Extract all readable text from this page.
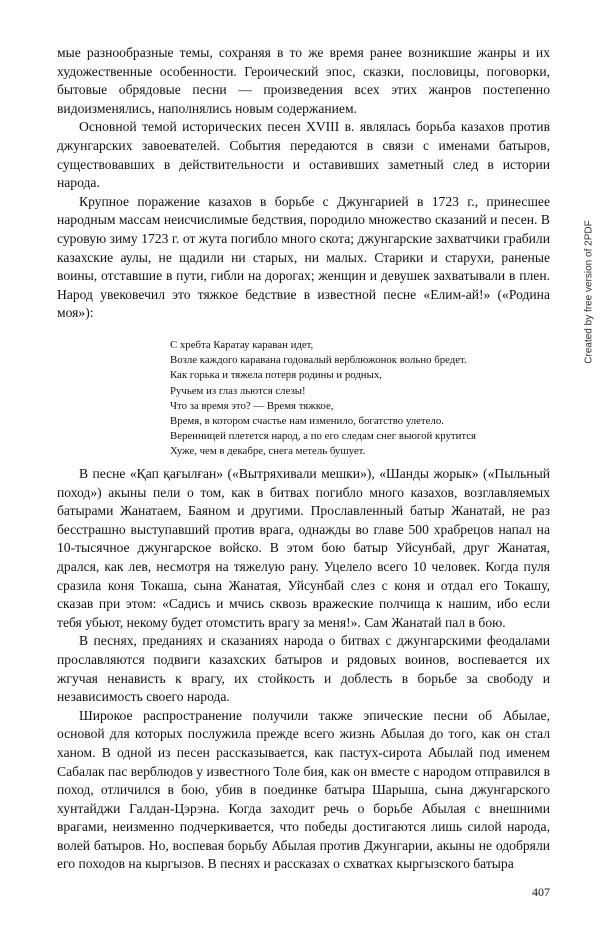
мые разнообразные темы, сохраняя в то же время ранее возникшие жанры и их художественные особенности. Героический эпос, сказки, пословицы, поговорки, бытовые обрядовые песни — произведения всех этих жанров постепенно видоизменялись, наполнялись новым содержанием.

Основной темой исторических песен XVIII в. являлась борьба казахов против джунгарских завоевателей. События передаются в связи с именами батыров, существовавших в действительности и оставивших заметный след в истории народа.

Крупное поражение казахов в борьбе с Джунгарией в 1723 г., принесшее народным массам неисчислимые бедствия, породило множество сказаний и песен. В суровую зиму 1723 г. от жута погибло много скота; джунгарские захватчики грабили казахские аулы, не щадили ни старых, ни малых. Старики и старухи, раненые воины, отставшие в пути, гибли на дорогах; женщин и девушек захватывали в плен. Народ увековечил это тяжкое бедствие в известной песне «Елим-ай!» («Родина моя»):

С хребта Каратау караван идет,
Возле каждого каравана годовалый верблюжонок вольно бредет.
Как горька и тяжела потеря родины и родных,
Ручьем из глаз льются слезы!
Что за время это? — Время тяжкое,
Время, в котором счастье нам изменило, богатство улетело.
Веренницей плетется народ, а по его следам снег вьюгой крутится
Хуже, чем в декабре, снега метель бушует.

В песне «Қап қағылған» («Вытряхивали мешки»), «Шанды жорык» («Пыльный поход») акыны пели о том, как в битвах погибло много казахов, возглавляемых батырами Жанатаем, Баяном и другими. Прославленный батыр Жанатай, не раз бесстрашно выступавший против врага, однажды во главе 500 храбрецов напал на 10-тысячное джунгарское войско. В этом бою батыр Уйсунбай, друг Жанатая, дрался, как лев, несмотря на тяжелую рану. Уцелело всего 10 человек. Когда пуля сразила коня Токаша, сына Жанатая, Уйсунбай слез с коня и отдал его Токашу, сказав при этом: «Садись и мчись сквозь вражеские полчища к нашим, ибо если тебя убьют, некому будет отомстить врагу за меня!». Сам Жанатай пал в бою.

В песнях, преданиях и сказаниях народа о битвах с джунгарскими феодалами прославляются подвиги казахских батыров и рядовых воинов, воспевается их жгучая ненависть к врагу, их стойкость и доблесть в борьбе за свободу и независимость своего народа.

Широкое распространение получили также эпические песни об Абылае, основой для которых послужила прежде всего жизнь Абылая до того, как он стал ханом. В одной из песен рассказывается, как пастух-сирота Абылай под именем Сабалак пас верблюдов у известного Толе бия, как он вместе с народом отправился в поход, отличился в бою, убив в поединке батыра Шарыша, сына джунгарского хунтайджи Галдан-Цэрэна. Когда заходит речь о борьбе Абылая с внешними врагами, неизменно подчеркивается, что победы достигаются лишь силой народа, волей батыров. Но, воспевая борьбу Абылая против Джунгарии, акыны не одобряли его походов на кыргызов. В песнях и рассказах о схватках кыргызского батыра

Created by free version of 2PDF
407
